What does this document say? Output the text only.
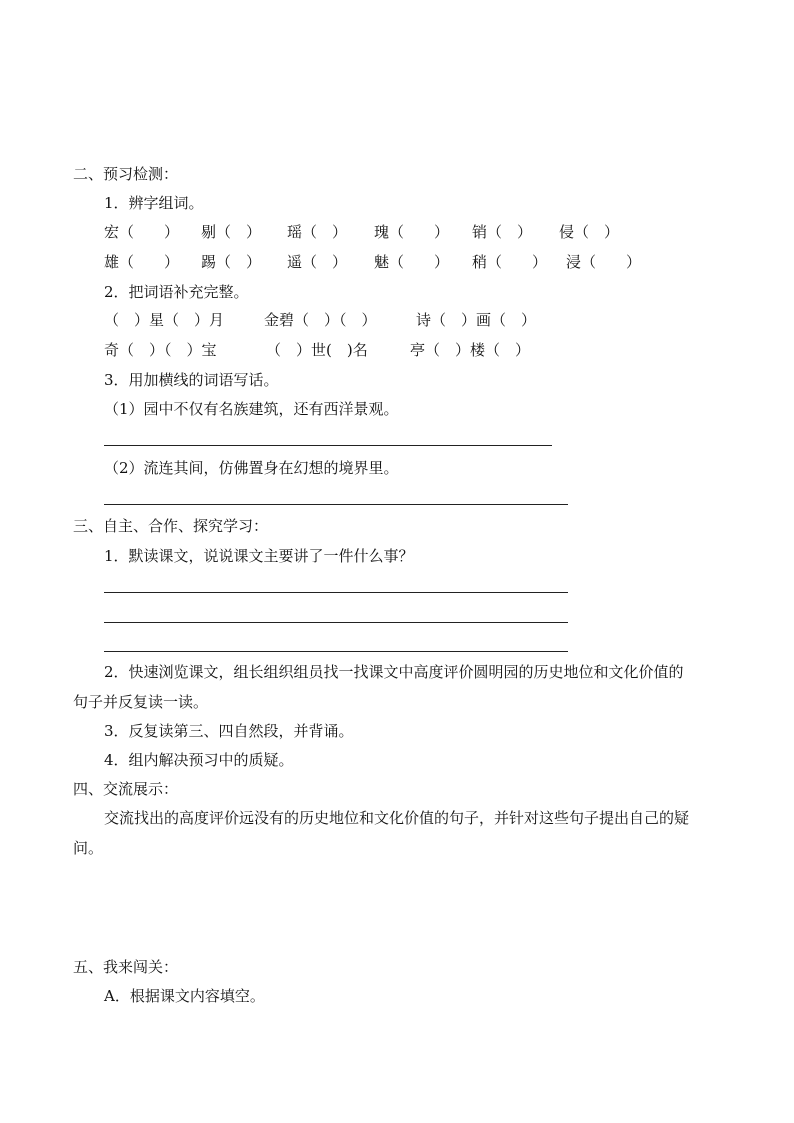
二、预习检测：
1．辨字组词。
宏（　　） 剔（　） 瑶（　） 瑰（　　） 销（　） 侵（　）
雄（　　） 踢（　） 遥（　） 魅（　　） 稍（　　） 浸（　　）
2．把词语补充完整。
（　）星（　）月	金碧（　）（　）	诗（　）画（　）
奇（　）（　）宝	（　）世(　)名	亭（　）楼（　）
3．用加横线的词语写话。
（1）园中不仅有名族建筑，还有西洋景观。
（2）流连其间，仿佛置身在幻想的境界里。
三、自主、合作、探究学习：
1．默读课文，说说课文主要讲了一件什么事？
2．快速浏览课文，组长组织组员找一找课文中高度评价圆明园的历史地位和文化价值的
句子并反复读一读。
3．反复读第三、四自然段，并背诵。
4．组内解决预习中的质疑。
四、交流展示：
交流找出的高度评价远没有的历史地位和文化价值的句子，并针对这些句子提出自己的疑
问。
五、我来闯关：
A．根据课文内容填空。
